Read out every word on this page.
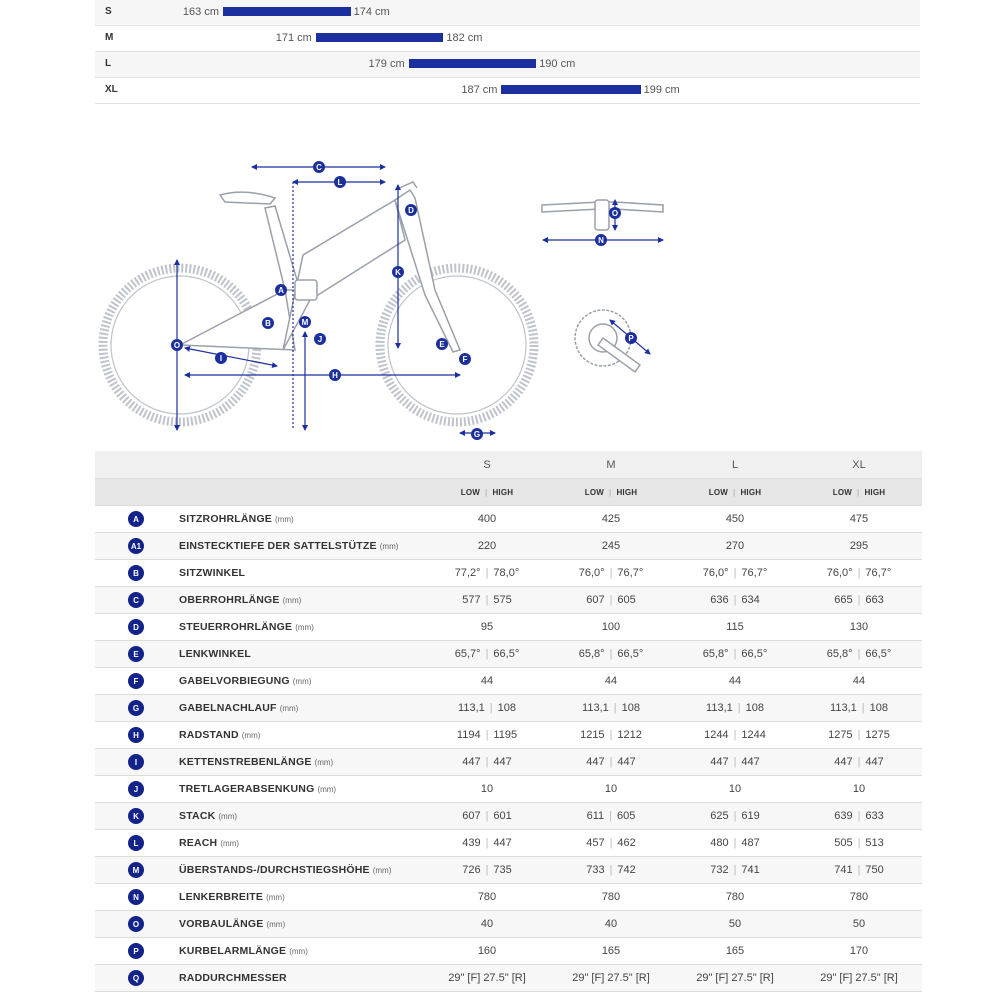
S	163 cm	174 cm
M	171 cm	182 cm
L	179 cm	190 cm
XL	187 cm	199 cm
C
L
D
K
A
B	M
J
O
I
H
E
F
G
O
N
P
S	M	L	XL
LOW | HIGH	LOW | HIGH	LOW | HIGH	LOW | HIGH
A	SITZROHRLÄNGE (mm)	400	425	450	475
A1	EINSTECKTIEFE DER SATTELSTÜTZE (mm)	220	245	270	295
B	SITZWINKEL	77,2° | 78,0°	76,0° | 76,7°	76,0° | 76,7°	76,0° | 76,7°
C	OBERROHRLÄNGE (mm)	577 | 575	607 | 605	636 | 634	665 | 663
D	STEUERROHRLÄNGE (mm)	95	100	115	130
E	LENKWINKEL	65,7° | 66,5°	65,8° | 66,5°	65,8° | 66,5°	65,8° | 66,5°
F	GABELVORBIEGUNG (mm)	44	44	44	44
G	GABELNACHLAUF (mm)	113,1 | 108	113,1 | 108	113,1 | 108	113,1 | 108
H	RADSTAND (mm)	1194 | 1195	1215 | 1212	1244 | 1244	1275 | 1275
I	KETTENSTREBENLÄNGE (mm)	447 | 447	447 | 447	447 | 447	447 | 447
J	TRETLAGERABSENKUNG (mm)	10	10	10	10
K	STACK (mm)	607 | 601	611 | 605	625 | 619	639 | 633
L	REACH (mm)	439 | 447	457 | 462	480 | 487	505 | 513
M	ÜBERSTANDS-/DURCHSTIEGSHÖHE (mm)	726 | 735	733 | 742	732 | 741	741 | 750
N	LENKERBREITE (mm)	780	780	780	780
O	VORBAULÄNGE (mm)	40	40	50	50
P	KURBELARMLÄNGE (mm)	160	165	165	170
Q	RADDURCHMESSER	29" [F] 27.5" [R]	29" [F] 27.5" [R]	29" [F] 27.5" [R]	29" [F] 27.5" [R]
